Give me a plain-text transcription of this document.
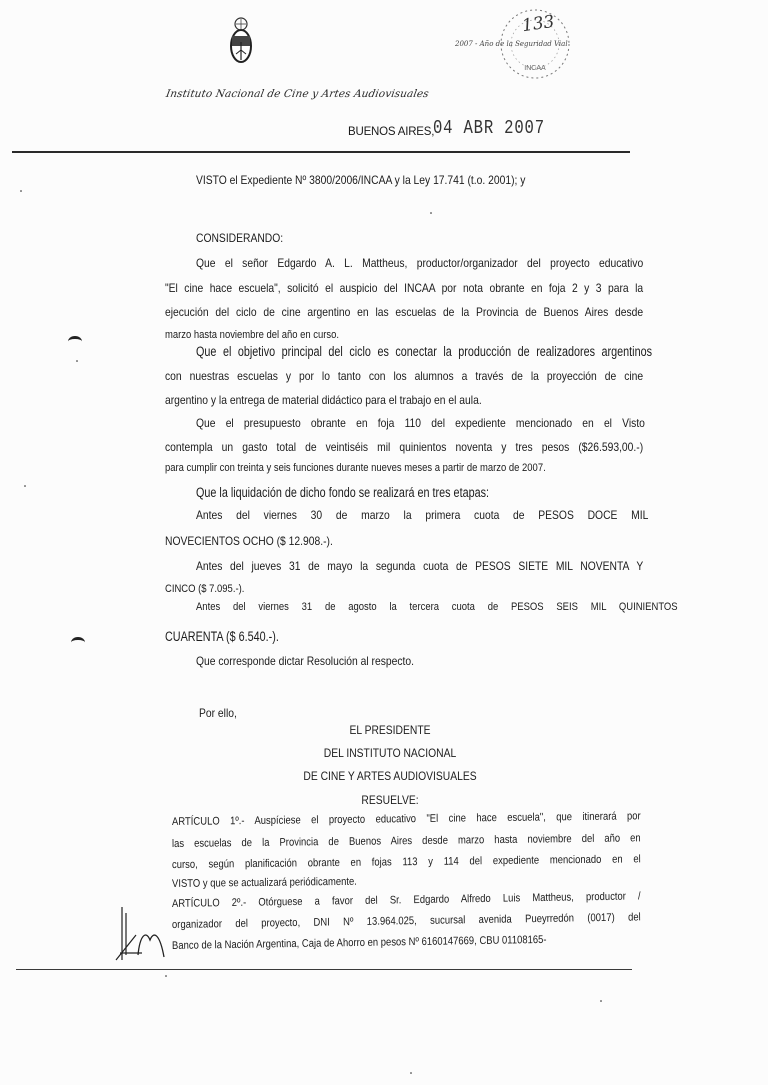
Instituto Nacional de Cine y Artes Audiovisuales
INCAA
2007 - Año de la Seguridad Vial
133
BUENOS AIRES,
04 ABR 2007
VISTO el Expediente Nº 3800/2006/INCAA y la Ley 17.741 (t.o. 2001); y
CONSIDERANDO:
Que el señor Edgardo A. L. Mattheus, productor/organizador del proyecto educativo
"El cine hace escuela", solicitó el auspicio del INCAA por nota obrante en foja 2 y 3 para la
ejecución del ciclo de cine argentino en las escuelas de la Provincia de Buenos Aires desde
marzo hasta noviembre del año en curso.
Que el objetivo principal del ciclo es conectar la producción de realizadores argentinos
con nuestras escuelas y por lo tanto con los alumnos a través de la proyección de cine
argentino y la entrega de material didáctico para el trabajo en el aula.
Que el presupuesto obrante en foja 110 del expediente mencionado en el Visto
contempla un gasto total de veintiséis mil quinientos noventa y tres pesos ($26.593,00.-)
para cumplir con treinta y seis funciones durante nueves meses a partir de marzo de 2007.
Que la liquidación de dicho fondo se realizará en tres etapas:
Antes del viernes 30 de marzo la primera cuota de PESOS DOCE MIL
NOVECIENTOS OCHO ($ 12.908.-).
Antes del jueves 31 de mayo la segunda cuota de PESOS SIETE MIL NOVENTA Y
CINCO ($ 7.095.-).
Antes del viernes 31 de agosto la tercera cuota de PESOS SEIS MIL QUINIENTOS
CUARENTA ($ 6.540.-).
Que corresponde dictar Resolución al respecto.
Por ello,
EL PRESIDENTE
DEL INSTITUTO NACIONAL
DE CINE Y ARTES AUDIOVISUALES
RESUELVE:
ARTÍCULO 1º.- Auspíciese el proyecto educativo "El cine hace escuela", que itinerará por
las escuelas de la Provincia de Buenos Aires desde marzo hasta noviembre del año en
curso, según planificación obrante en fojas 113 y 114 del expediente mencionado en el
VISTO y que se actualizará periódicamente.
ARTÍCULO 2º.- Otórguese a favor del Sr. Edgardo Alfredo Luis Mattheus, productor /
organizador del proyecto, DNI Nº 13.964.025, sucursal avenida Pueyrredón (0017) del
Banco de la Nación Argentina, Caja de Ahorro en pesos Nº 6160147669, CBU 01108165-
